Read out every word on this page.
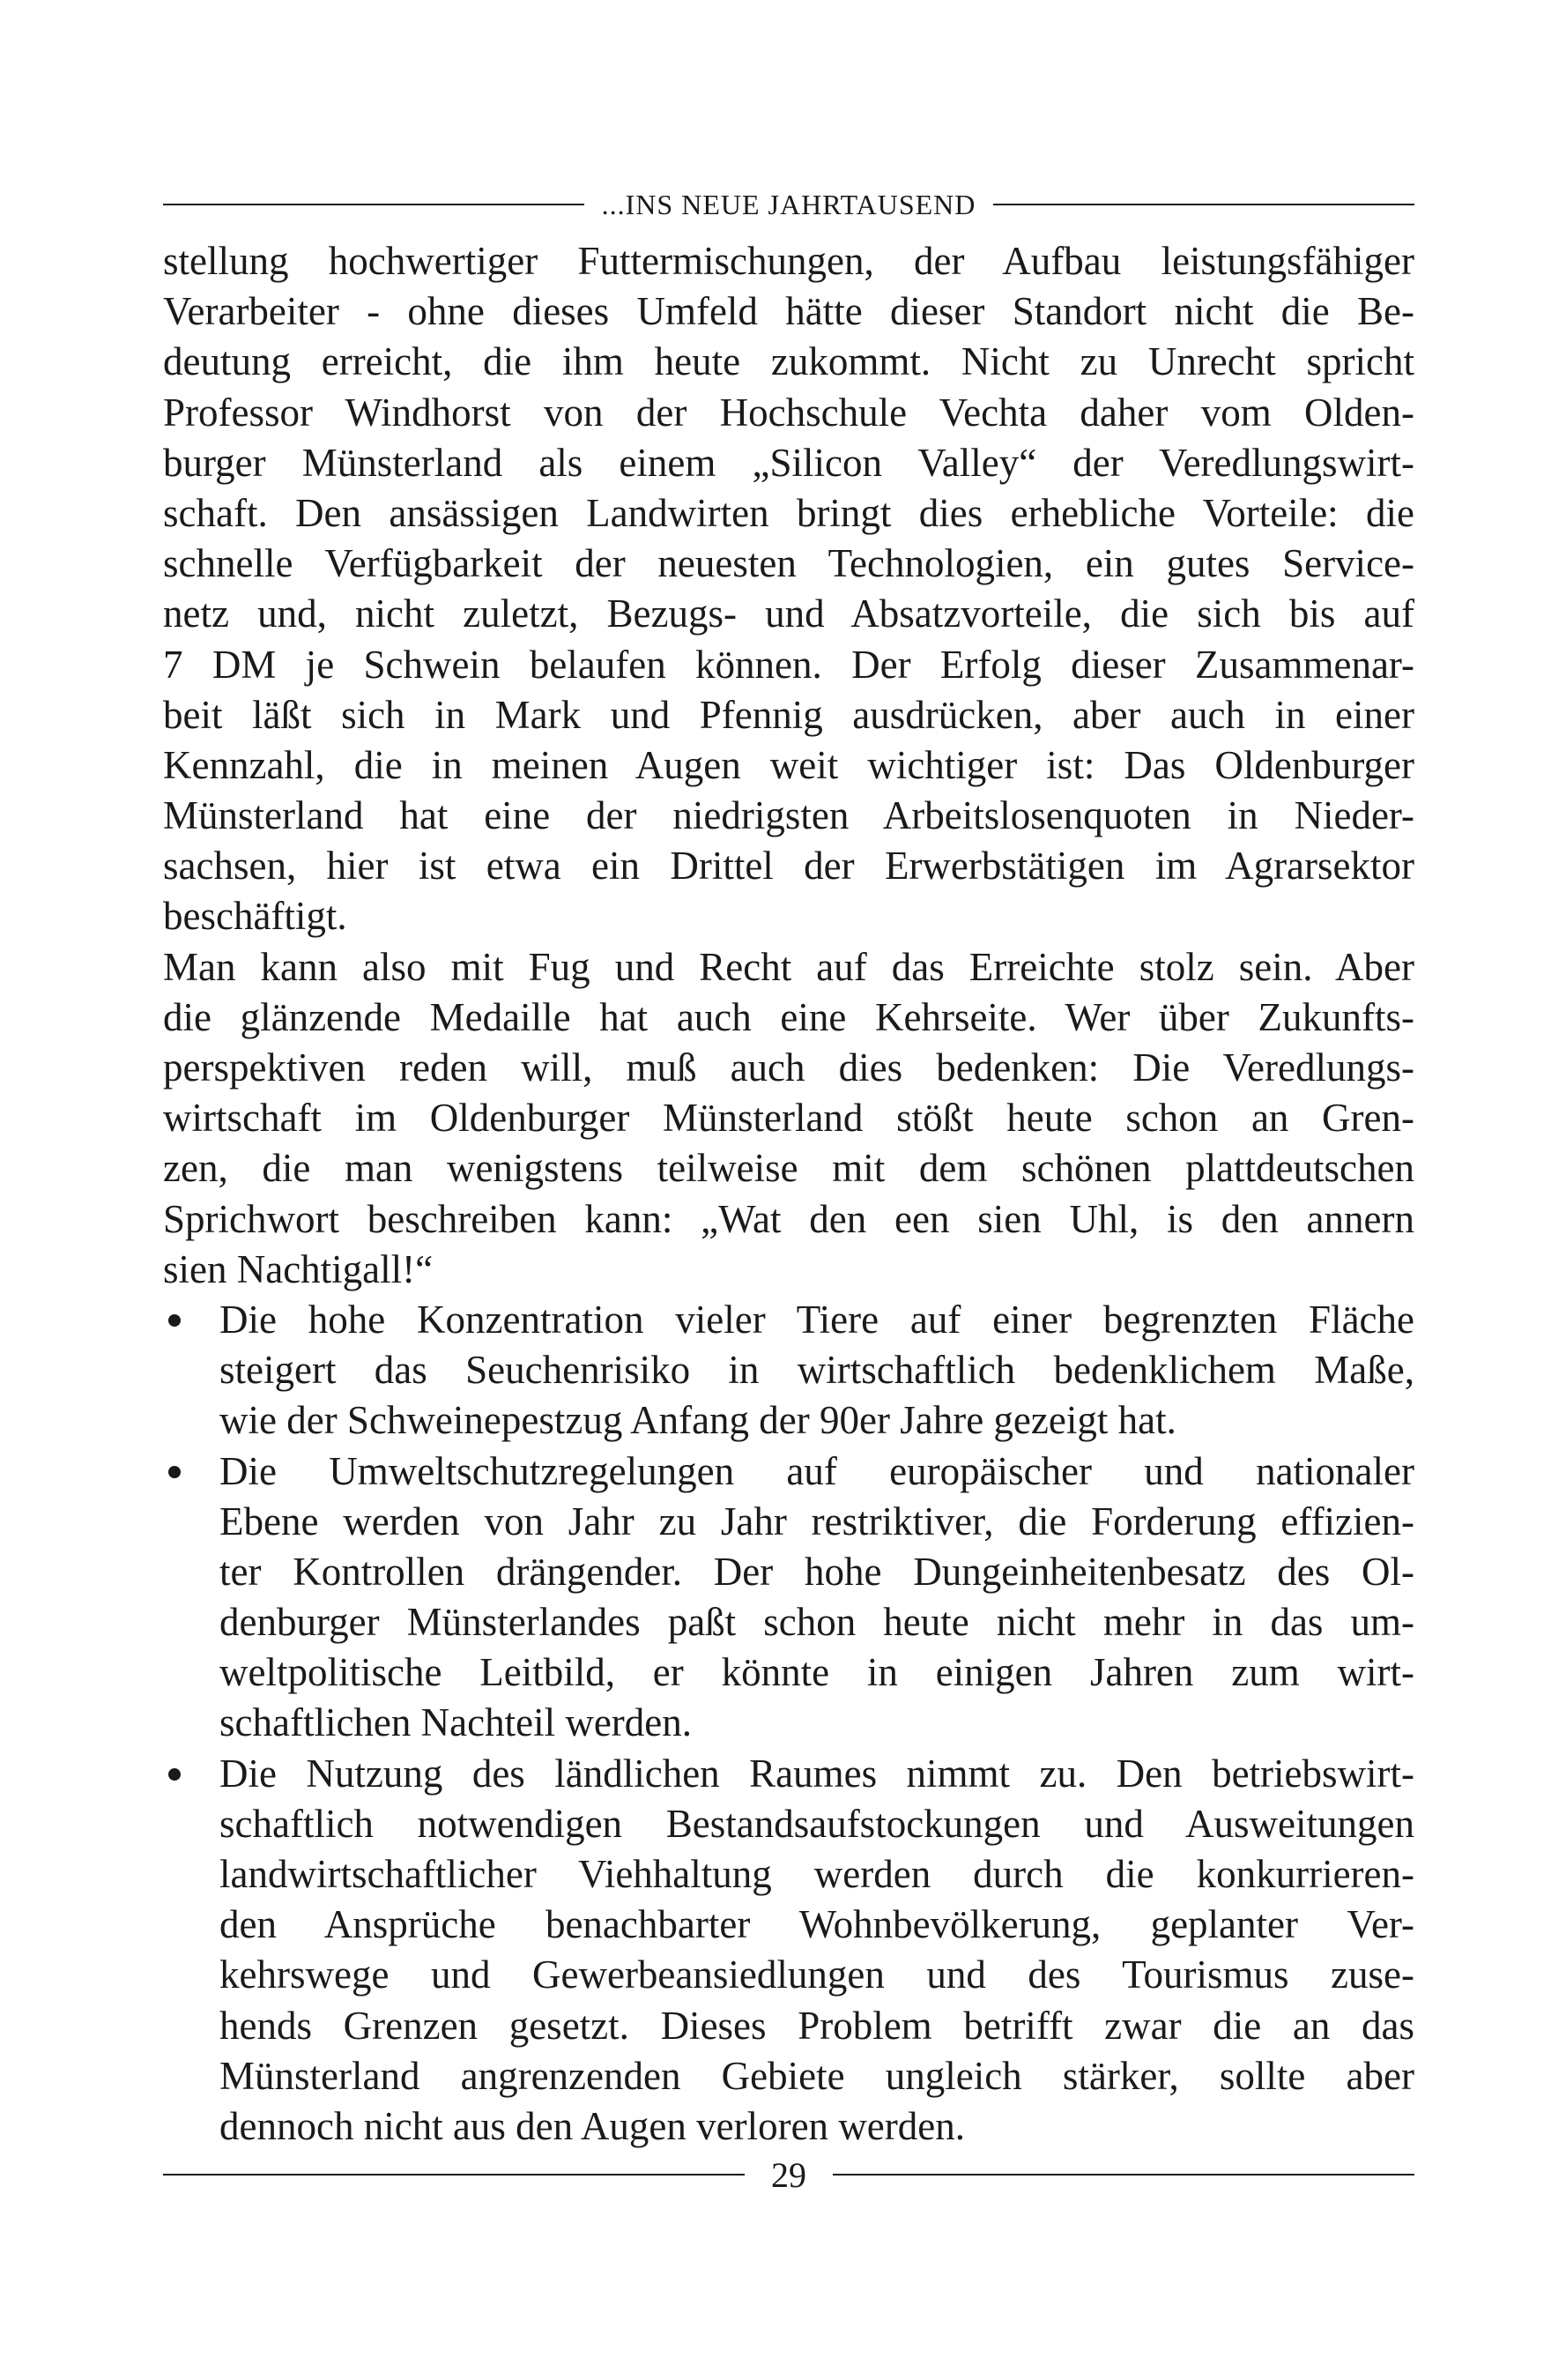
...INS NEUE JAHRTAUSEND
stellung hochwertiger Futtermischungen, der Aufbau leistungsfähiger
Verarbeiter - ohne dieses Umfeld hätte dieser Standort nicht die Be-
deutung erreicht, die ihm heute zukommt. Nicht zu Unrecht spricht
Professor Windhorst von der Hochschule Vechta daher vom Olden-
burger Münsterland als einem „Silicon Valley“ der Veredlungswirt-
schaft. Den ansässigen Landwirten bringt dies erhebliche Vorteile: die
schnelle Verfügbarkeit der neuesten Technologien, ein gutes Service-
netz und, nicht zuletzt, Bezugs- und Absatzvorteile, die sich bis auf
7 DM je Schwein belaufen können. Der Erfolg dieser Zusammenar-
beit läßt sich in Mark und Pfennig ausdrücken, aber auch in einer
Kennzahl, die in meinen Augen weit wichtiger ist: Das Oldenburger
Münsterland hat eine der niedrigsten Arbeitslosenquoten in Nieder-
sachsen, hier ist etwa ein Drittel der Erwerbstätigen im Agrarsektor
beschäftigt.
Man kann also mit Fug und Recht auf das Erreichte stolz sein. Aber
die glänzende Medaille hat auch eine Kehrseite. Wer über Zukunfts-
perspektiven reden will, muß auch dies bedenken: Die Veredlungs-
wirtschaft im Oldenburger Münsterland stößt heute schon an Gren-
zen, die man wenigstens teilweise mit dem schönen plattdeutschen
Sprichwort beschreiben kann: „Wat den een sien Uhl, is den annern
sien Nachtigall!“
Die hohe Konzentration vieler Tiere auf einer begrenzten Fläche
steigert das Seuchenrisiko in wirtschaftlich bedenklichem Maße,
wie der Schweinepestzug Anfang der 90er Jahre gezeigt hat.
Die Umweltschutzregelungen auf europäischer und nationaler
Ebene werden von Jahr zu Jahr restriktiver, die Forderung effizien-
ter Kontrollen drängender. Der hohe Dungeinheitenbesatz des Ol-
denburger Münsterlandes paßt schon heute nicht mehr in das um-
weltpolitische Leitbild, er könnte in einigen Jahren zum wirt-
schaftlichen Nachteil werden.
Die Nutzung des ländlichen Raumes nimmt zu. Den betriebswirt-
schaftlich notwendigen Bestandsaufstockungen und Ausweitungen
landwirtschaftlicher Viehhaltung werden durch die konkurrieren-
den Ansprüche benachbarter Wohnbevölkerung, geplanter Ver-
kehrswege und Gewerbeansiedlungen und des Tourismus zuse-
hends Grenzen gesetzt. Dieses Problem betrifft zwar die an das
Münsterland angrenzenden Gebiete ungleich stärker, sollte aber
dennoch nicht aus den Augen verloren werden.
29
